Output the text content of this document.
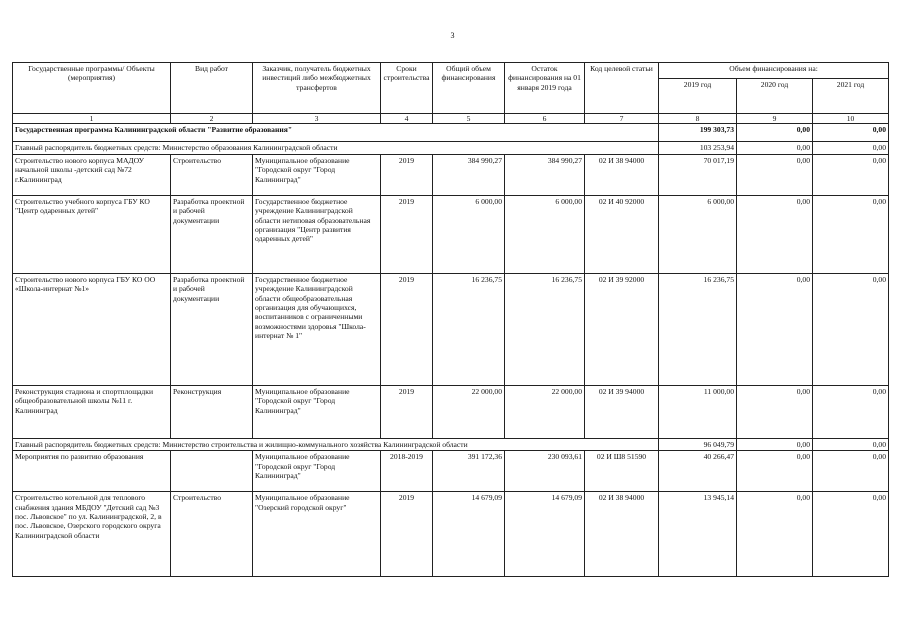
3
Государственные программы/ Объекты (мероприятия)	Вид работ	Заказчик, получатель бюджетных инвестиций либо межбюджетных трансфертов	Сроки строительства	Общий объем финансирования	Остаток финансирования на 01 января 2019 года	Код целевой статьи	Объем финансирования на:		
							2019 год	2020 год	2021 год
1	2	3	4	5	6	7	8	9	10
Государственная программа Калининградской области "Развитие образования"							199 303,73	0,00	0,00
Главный распорядитель бюджетных средств: Министерство образования Калининградской области							103 253,94	0,00	0,00
Строительство нового корпуса МАДОУ начальной школы -детский сад №72 г.Калининград	Строительство	Муниципальное образование "Городской округ "Город Калининград"	2019	384 990,27	384 990,27	02 И 38 94000	70 017,19	0,00	0,00
Строительство учебного корпуса ГБУ КО "Центр одаренных детей"	Разработка проектной и рабочей документации	Государственное бюджетное учреждение Калининградской области нетиповая образовательная организация "Центр развития одаренных детей"	2019	6 000,00	6 000,00	02 И 40 92000	6 000,00	0,00	0,00
Строительство нового корпуса ГБУ КО ОО «Школа-интернат №1»	Разработка проектной и рабочей документации	Государственное бюджетное учреждение Калининградской области общеобразовательная организация для обучающихся, воспитанников с ограниченными возможностями здоровья "Школа-интернат № 1"	2019	16 236,75	16 236,75	02 И 39 92000	16 236,75	0,00	0,00
Реконструкция стадиона и спортплощадки общеобразовательной школы №11 г. Калининград	Реконструкция	Муниципальное образование "Городской округ "Город Калининград"	2019	22 000,00	22 000,00	02 И 39 94000	11 000,00	0,00	0,00
Главный распорядитель бюджетных средств: Министерство строительства и жилищно-коммунального хозяйства Калининградской области							96 049,79	0,00	0,00
Мероприятия по развитию образования		Муниципальное образование "Городской округ "Город Калининград"	2018-2019	391 172,36	230 093,61	02 И Ш8 51590	40 266,47	0,00	0,00
Строительство котельной для теплового снабжения здания МБДОУ "Детский сад №3 пос. Львовское" по ул. Калининградской, 2, в пос. Львовское, Озерского городского округа Калининградской области	Строительство	Муниципальное образование "Озерский городской округ"	2019	14 679,09	14 679,09	02 И 38 94000	13 945,14	0,00	0,00
